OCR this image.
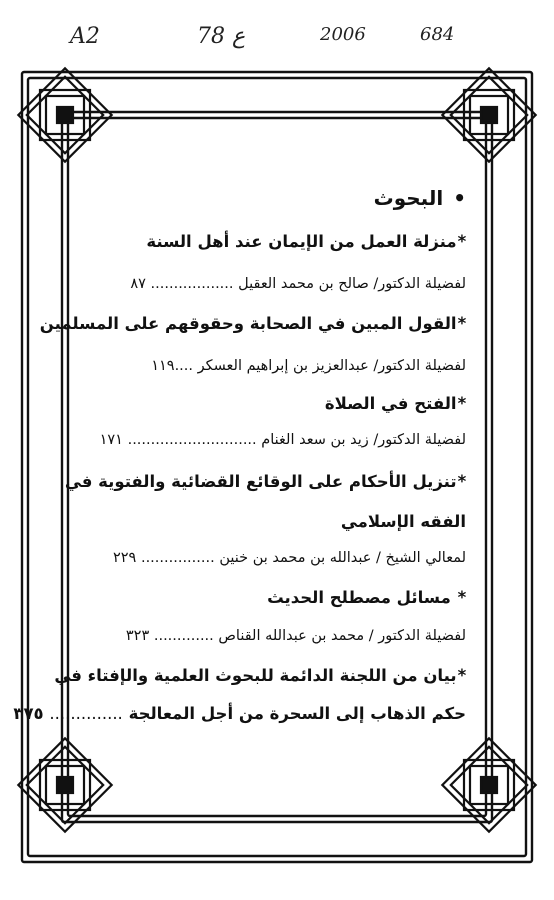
A2	78 ع	2006	684
•البحوث
*منزلة العمل من الإيمان عند أهل السنة
لفضيلة الدكتور/ صالح بن محمد العقيل .................. ٨٧
*القول المبين في الصحابة وحقوقهم على المسلمين
لفضيلة الدكتور/ عبدالعزيز بن إبراهيم العسكر ....١١٩
*الفتح في الصلاة
لفضيلة الدكتور/ زيد بن سعد الغنام ............................ ١٧١
*تنزيل الأحكام على الوقائع القضائية والفتوية في
الفقه الإسلامي
لمعالي الشيخ / عبدالله بن محمد بن خنين ................ ٢٢٩
* مسائل مصطلح الحديث
لفضيلة الدكتور / محمد بن عبدالله القناص ............. ٣٢٣
*بيان من اللجنة الدائمة للبحوث العلمية والإفتاء في
حكم الذهاب إلى السحرة من أجل المعالجة .............. ٣٧٥
